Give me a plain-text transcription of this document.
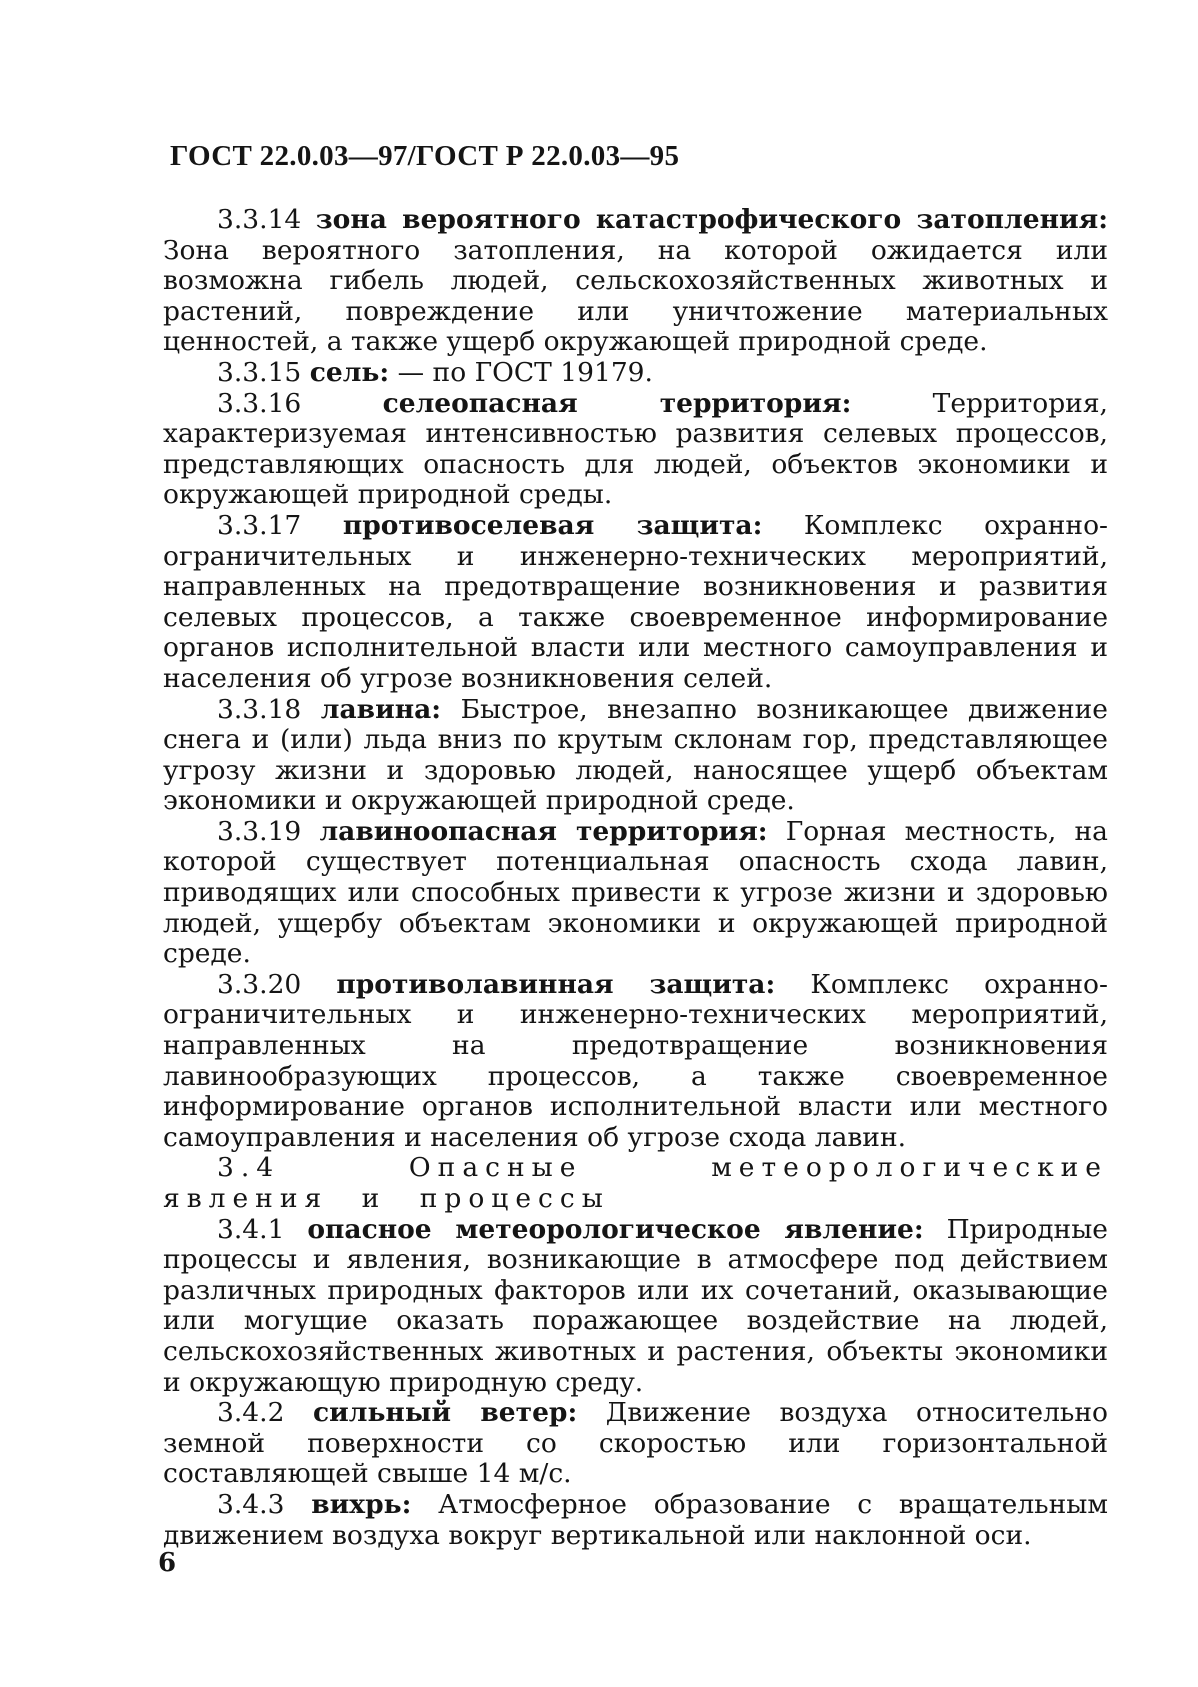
ГОСТ 22.0.03—97/ГОСТ Р 22.0.03—95

3.3.14 зона вероятного катастрофического затопления: Зона вероятного затопления, на которой ожидается или возможна гибель людей, сельскохозяйственных животных и растений, повреждение или уничтожение материальных ценностей, а также ущерб окружающей природной среде.

3.3.15 сель: — по ГОСТ 19179.

3.3.16	селеопасная территория:	Территория, характеризуемая интенсивностью развития селевых процессов, представляющих опасность для людей, объектов экономики и окружающей природной среды.

3.3.17 противоселевая защита: Комплекс охранно-ограничительных и инженерно-технических мероприятий, направленных на предотвращение возникновения и развития селевых процессов, а также своевременное информирование органов исполнительной власти или местного самоуправления и населения об угрозе возникновения селей.

3.3.18 лавина: Быстрое, внезапно возникающее движение снега и (или) льда вниз по крутым склонам гор, представляющее угрозу жизни и здоровью людей, наносящее ущерб объектам экономики и окружающей природной среде.

3.3.19 лавиноопасная территория: Горная местность, на которой существует потенциальная опасность схода лавин, приводящих или способных привести к угрозе жизни и здоровью людей, ущербу объектам экономики и окружающей природной среде.

3.3.20 противолавинная защита: Комплекс охранно-ограничительных и инженерно-технических мероприятий, направленных на предотвращение возникновения лавинообразующих процессов, а также своевременное информирование органов исполнительной власти или местного самоуправления и населения об угрозе схода лавин.

3.4 Опасные метеорологические явления и процессы

3.4.1 опасное метеорологическое явление: Природные процессы и явления, возникающие в атмосфере под действием различных природных факторов или их сочетаний, оказывающие или могущие оказать поражающее воздействие на людей, сельскохозяйственных животных и растения, объекты экономики и окружающую природную среду.

3.4.2 сильный ветер: Движение воздуха относительно земной поверхности со скоростью или горизонтальной составляющей свыше 14 м/с.

3.4.3 вихрь: Атмосферное образование с вращательным движением воздуха вокруг вертикальной или наклонной оси.

6
